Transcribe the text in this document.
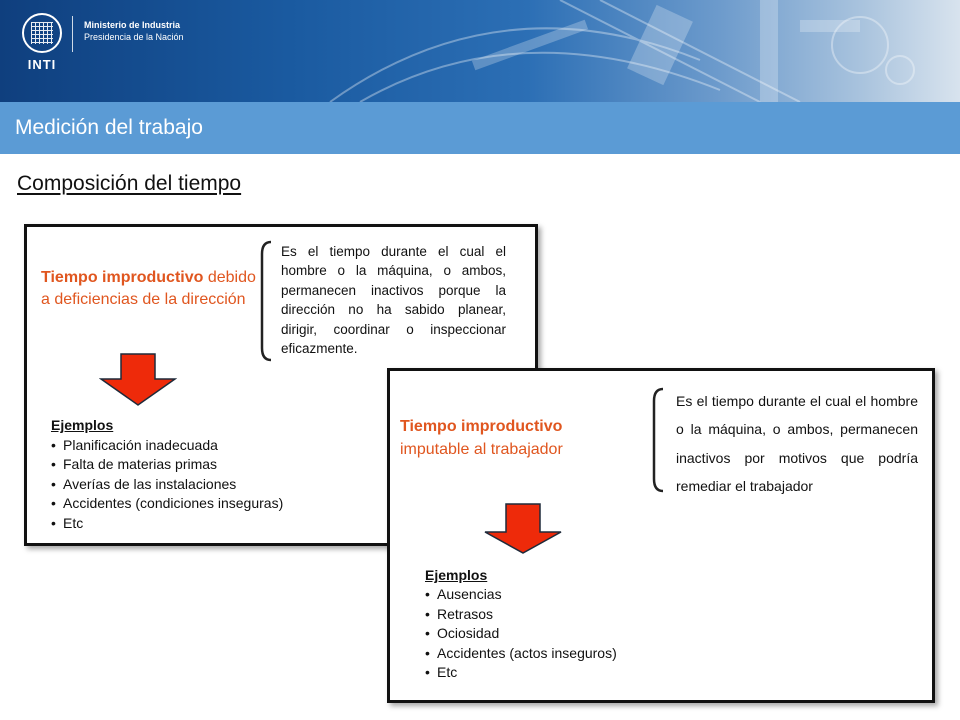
INTI
Ministerio de Industria
Presidencia de la Nación
Medición del trabajo
Composición del tiempo
Tiempo improductivo debido a deficiencias de la dirección
Es el tiempo durante el cual el hombre o la máquina, o ambos, permanecen inactivos porque la dirección no ha sabido planear, dirigir, coordinar o inspeccionar eficazmente.
Ejemplos
• Planificación inadecuada
• Falta de materias primas
• Averías de las instalaciones
• Accidentes (condiciones inseguras)
• Etc
Tiempo improductivo
imputable al trabajador
Es el tiempo durante el cual el hombre o la máquina, o ambos, permanecen inactivos por motivos que podría remediar el trabajador
Ejemplos
• Ausencias
• Retrasos
• Ociosidad
• Accidentes (actos inseguros)
• Etc
